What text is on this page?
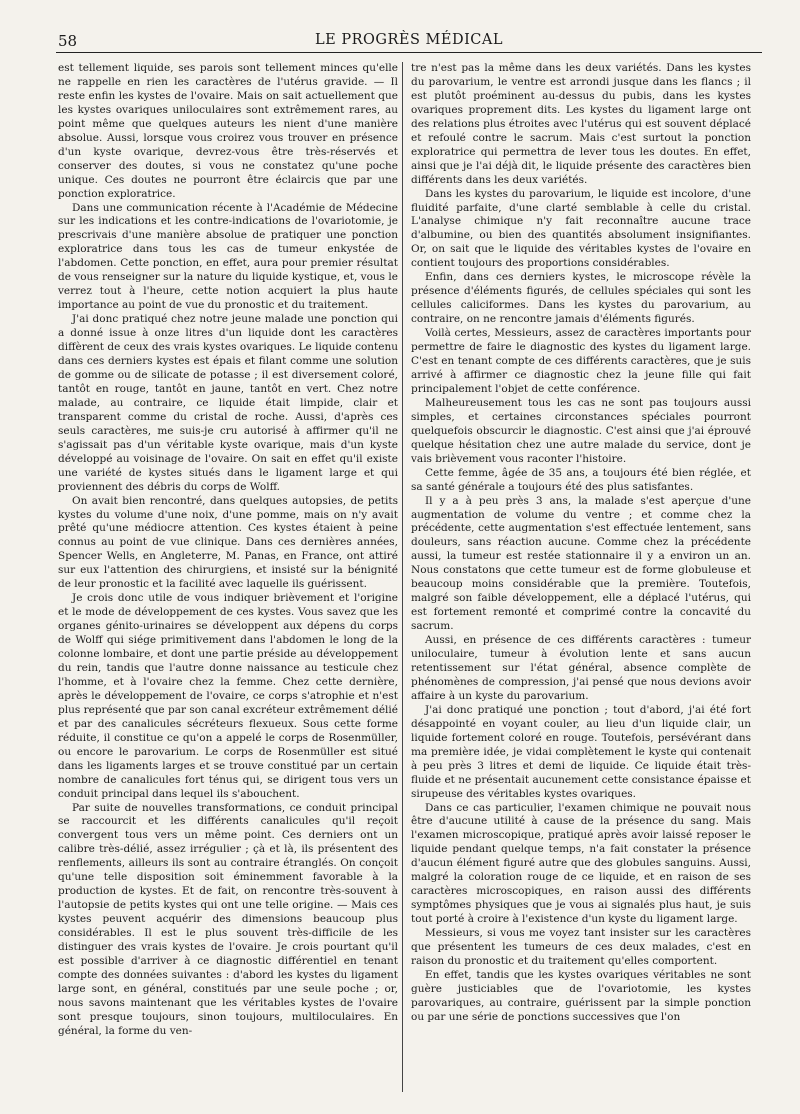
58	LE PROGRÈS MÉDICAL

est tellement liquide, ses parois sont tellement minces qu'elle ne rappelle en rien les caractères de l'utérus gravide. — Il reste enfin les kystes de l'ovaire. Mais on sait actuellement que les kystes ovariques uniloculaires sont extrêmement rares, au point même que quelques auteurs les nient d'une manière absolue. Aussi, lorsque vous croirez vous trouver en présence d'un kyste ovarique, devrez-vous être très-réservés et conserver des doutes, si vous ne constatez qu'une poche unique. Ces doutes ne pourront être éclaircis que par une ponction exploratrice.

Dans une communication récente à l'Académie de Médecine sur les indications et les contre-indications de l'ovariotomie, je prescrivais d'une manière absolue de pratiquer une ponction exploratrice dans tous les cas de tumeur enkystée de l'abdomen. Cette ponction, en effet, aura pour premier résultat de vous renseigner sur la nature du liquide kystique, et, vous le verrez tout à l'heure, cette notion acquiert la plus haute importance au point de vue du pronostic et du traitement.

J'ai donc pratiqué chez notre jeune malade une ponction qui a donné issue à onze litres d'un liquide dont les caractères diffèrent de ceux des vrais kystes ovariques. Le liquide contenu dans ces derniers kystes est épais et filant comme une solution de gomme ou de silicate de potasse ; il est diversement coloré, tantôt en rouge, tantôt en jaune, tantôt en vert. Chez notre malade, au contraire, ce liquide était limpide, clair et transparent comme du cristal de roche. Aussi, d'après ces seuls caractères, me suis-je cru autorisé à affirmer qu'il ne s'agissait pas d'un véritable kyste ovarique, mais d'un kyste développé au voisinage de l'ovaire. On sait en effet qu'il existe une variété de kystes situés dans le ligament large et qui proviennent des débris du corps de Wolff.

On avait bien rencontré, dans quelques autopsies, de petits kystes du volume d'une noix, d'une pomme, mais on n'y avait prêté qu'une médiocre attention. Ces kystes étaient à peine connus au point de vue clinique. Dans ces dernières années, Spencer Wells, en Angleterre, M. Panas, en France, ont attiré sur eux l'attention des chirurgiens, et insisté sur la bénignité de leur pronostic et la facilité avec laquelle ils guérissent.

Je crois donc utile de vous indiquer brièvement et l'origine et le mode de développement de ces kystes. Vous savez que les organes génito-urinaires se développent aux dépens du corps de Wolff qui siége primitivement dans l'abdomen le long de la colonne lombaire, et dont une partie préside au développement du rein, tandis que l'autre donne naissance au testicule chez l'homme, et à l'ovaire chez la femme. Chez cette dernière, après le développement de l'ovaire, ce corps s'atrophie et n'est plus représenté que par son canal excréteur extrêmement délié et par des canalicules sécréteurs flexueux. Sous cette forme réduite, il constitue ce qu'on a appelé le corps de Rosenmüller, ou encore le parovarium. Le corps de Rosenmüller est situé dans les ligaments larges et se trouve constitué par un certain nombre de canalicules fort ténus qui, se dirigent tous vers un conduit principal dans lequel ils s'abouchent.

Par suite de nouvelles transformations, ce conduit principal se raccourcit et les différents canalicules qu'il reçoit convergent tous vers un même point. Ces derniers ont un calibre très-délié, assez irrégulier ; çà et là, ils présentent des renflements, ailleurs ils sont au contraire étranglés. On conçoit qu'une telle disposition soit éminemment favorable à la production de kystes. Et de fait, on rencontre très-souvent à l'autopsie de petits kystes qui ont une telle origine. — Mais ces kystes peuvent acquérir des dimensions beaucoup plus considérables. Il est le plus souvent très-difficile de les distinguer des vrais kystes de l'ovaire. Je crois pourtant qu'il est possible d'arriver à ce diagnostic différentiel en tenant compte des données suivantes : d'abord les kystes du ligament large sont, en général, constitués par une seule poche ; or, nous savons maintenant que les véritables kystes de l'ovaire sont presque toujours, sinon toujours, multiloculaires. En général, la forme du ven-

tre n'est pas la même dans les deux variétés. Dans les kystes du parovarium, le ventre est arrondi jusque dans les flancs ; il est plutôt proéminent au-dessus du pubis, dans les kystes ovariques proprement dits. Les kystes du ligament large ont des relations plus étroites avec l'utérus qui est souvent déplacé et refoulé contre le sacrum. Mais c'est surtout la ponction exploratrice qui permettra de lever tous les doutes. En effet, ainsi que je l'ai déjà dit, le liquide présente des caractères bien différents dans les deux variétés.

Dans les kystes du parovarium, le liquide est incolore, d'une fluidité parfaite, d'une clarté semblable à celle du cristal. L'analyse chimique n'y fait reconnaître aucune trace d'albumine, ou bien des quantités absolument insignifiantes. Or, on sait que le liquide des véritables kystes de l'ovaire en contient toujours des proportions considérables.

Enfin, dans ces derniers kystes, le microscope révèle la présence d'éléments figurés, de cellules spéciales qui sont les cellules caliciformes. Dans les kystes du parovarium, au contraire, on ne rencontre jamais d'éléments figurés.

Voilà certes, Messieurs, assez de caractères importants pour permettre de faire le diagnostic des kystes du ligament large. C'est en tenant compte de ces différents caractères, que je suis arrivé à affirmer ce diagnostic chez la jeune fille qui fait principalement l'objet de cette conférence.

Malheureusement tous les cas ne sont pas toujours aussi simples, et certaines circonstances spéciales pourront quelquefois obscurcir le diagnostic. C'est ainsi que j'ai éprouvé quelque hésitation chez une autre malade du service, dont je vais brièvement vous raconter l'histoire.

Cette femme, âgée de 35 ans, a toujours été bien réglée, et sa santé générale a toujours été des plus satisfantes.

Il y a à peu près 3 ans, la malade s'est aperçue d'une augmentation de volume du ventre ; et comme chez la précédente, cette augmentation s'est effectuée lentement, sans douleurs, sans réaction aucune. Comme chez la précédente aussi, la tumeur est restée stationnaire il y a environ un an. Nous constatons que cette tumeur est de forme globuleuse et beaucoup moins considérable que la première. Toutefois, malgré son faible développement, elle a déplacé l'utérus, qui est fortement remonté et comprimé contre la concavité du sacrum.

Aussi, en présence de ces différents caractères : tumeur uniloculaire, tumeur à évolution lente et sans aucun retentissement sur l'état général, absence complète de phénomènes de compression, j'ai pensé que nous devions avoir affaire à un kyste du parovarium.

J'ai donc pratiqué une ponction ; tout d'abord, j'ai été fort désappointé en voyant couler, au lieu d'un liquide clair, un liquide fortement coloré en rouge. Toutefois, persévérant dans ma première idée, je vidai complètement le kyste qui contenait à peu près 3 litres et demi de liquide. Ce liquide était très-fluide et ne présentait aucunement cette consistance épaisse et sirupeuse des véritables kystes ovariques.

Dans ce cas particulier, l'examen chimique ne pouvait nous être d'aucune utilité à cause de la présence du sang. Mais l'examen microscopique, pratiqué après avoir laissé reposer le liquide pendant quelque temps, n'a fait constater la présence d'aucun élément figuré autre que des globules sanguins. Aussi, malgré la coloration rouge de ce liquide, et en raison de ses caractères microscopiques, en raison aussi des différents symptômes physiques que je vous ai signalés plus haut, je suis tout porté à croire à l'existence d'un kyste du ligament large.

Messieurs, si vous me voyez tant insister sur les caractères que présentent les tumeurs de ces deux malades, c'est en raison du pronostic et du traitement qu'elles comportent.

En effet, tandis que les kystes ovariques véritables ne sont guère justiciables que de l'ovariotomie, les kystes parovariques, au contraire, guérissent par la simple ponction ou par une série de ponctions successives que l'on
